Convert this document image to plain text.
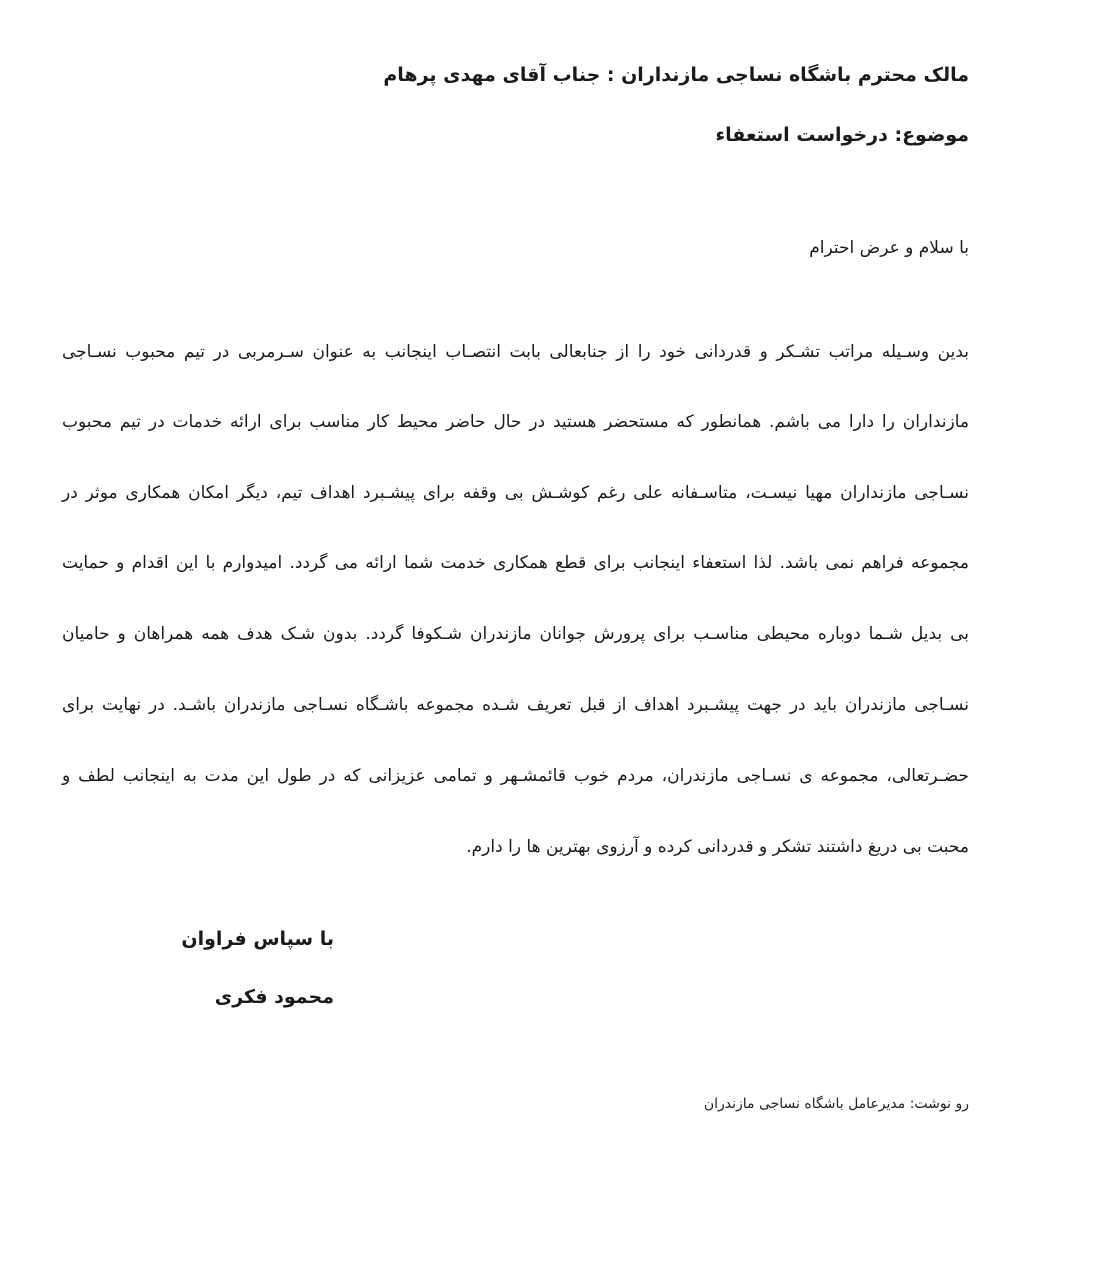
مالک محترم باشگاه نساجی مازنداران : جناب آقای مهدی پرهام
موضوع: درخواست استعفاء
با سلام و عرض احترام
بدین وسـیله مراتب تشـکر و قدردانی خود را از جنابعالی بابت انتصـاب اینجانب به عنوان سـرمربی در تیم محبوب نسـاجی
مازنداران را دارا می باشم. همانطور که مستحضر هستید در حال حاضر محیط کار مناسب برای ارائه خدمات در تیم محبوب
نسـاجی مازنداران مهیا نیسـت، متاسـفانه علی رغم کوشـش بی وقفه برای پیشـبرد اهداف تیم، دیگر امکان همکاری موثر در
مجموعه فراهم نمی باشد. لذا استعفاء اینجانب برای قطع همکاری خدمت شما ارائه می گردد. امیدوارم با این اقدام و حمایت
بی بدیل شـما دوباره محیطی مناسـب برای پرورش جوانان مازندران شـکوفا گردد. بدون شـک هدف همه همراهان و حامیان
نسـاجی مازندران باید در جهت پیشـبرد اهداف از قبل تعریف شـده مجموعه باشـگاه نسـاجی مازندران باشـد. در نهایت برای
حضـرتعالی، مجموعه ی نسـاجی مازندران، مردم خوب قائمشـهر و تمامی عزیزانی که در طول این مدت به اینجانب لطف و
محبت بی دریغ داشتند تشکر و قدردانی کرده و آرزوی بهترین ها را دارم.
با سپاس فراوان
محمود فکری
رو نوشت: مدیرعامل باشگاه نساجی مازندران
